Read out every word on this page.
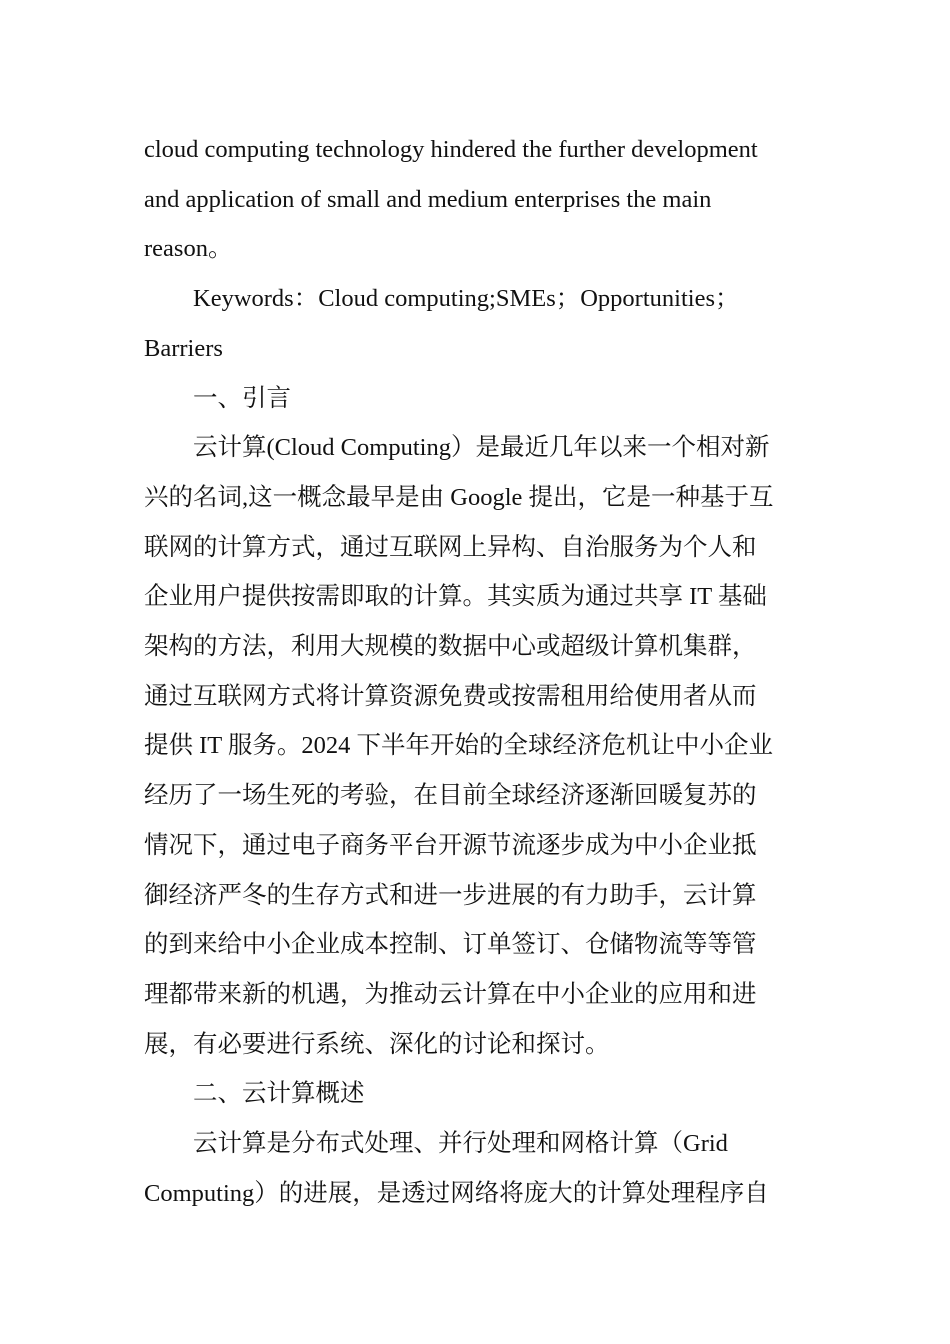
cloud computing technology hindered the further development
and application of small and medium enterprises the main
reason。

Keywords：Cloud computing;SMEs；Opportunities；

Barriers

一、引言

云计算(Cloud Computing）是最近几年以来一个相对新

兴的名词,这一概念最早是由 Google 提出，它是一种基于互
联网的计算方式，通过互联网上异构、自治服务为个人和
企业用户提供按需即取的计算。其实质为通过共享 IT 基础
架构的方法，利用大规模的数据中心或超级计算机集群，
通过互联网方式将计算资源免费或按需租用给使用者从而
提供 IT 服务。2024 下半年开始的全球经济危机让中小企业
经历了一场生死的考验，在目前全球经济逐渐回暖复苏的
情况下，通过电子商务平台开源节流逐步成为中小企业抵
御经济严冬的生存方式和进一步进展的有力助手，云计算
的到来给中小企业成本控制、订单签订、仓储物流等等管
理都带来新的机遇，为推动云计算在中小企业的应用和进
展，有必要进行系统、深化的讨论和探讨。

二、云计算概述

云计算是分布式处理、并行处理和网格计算（Grid

Computing）的进展，是透过网络将庞大的计算处理程序自
